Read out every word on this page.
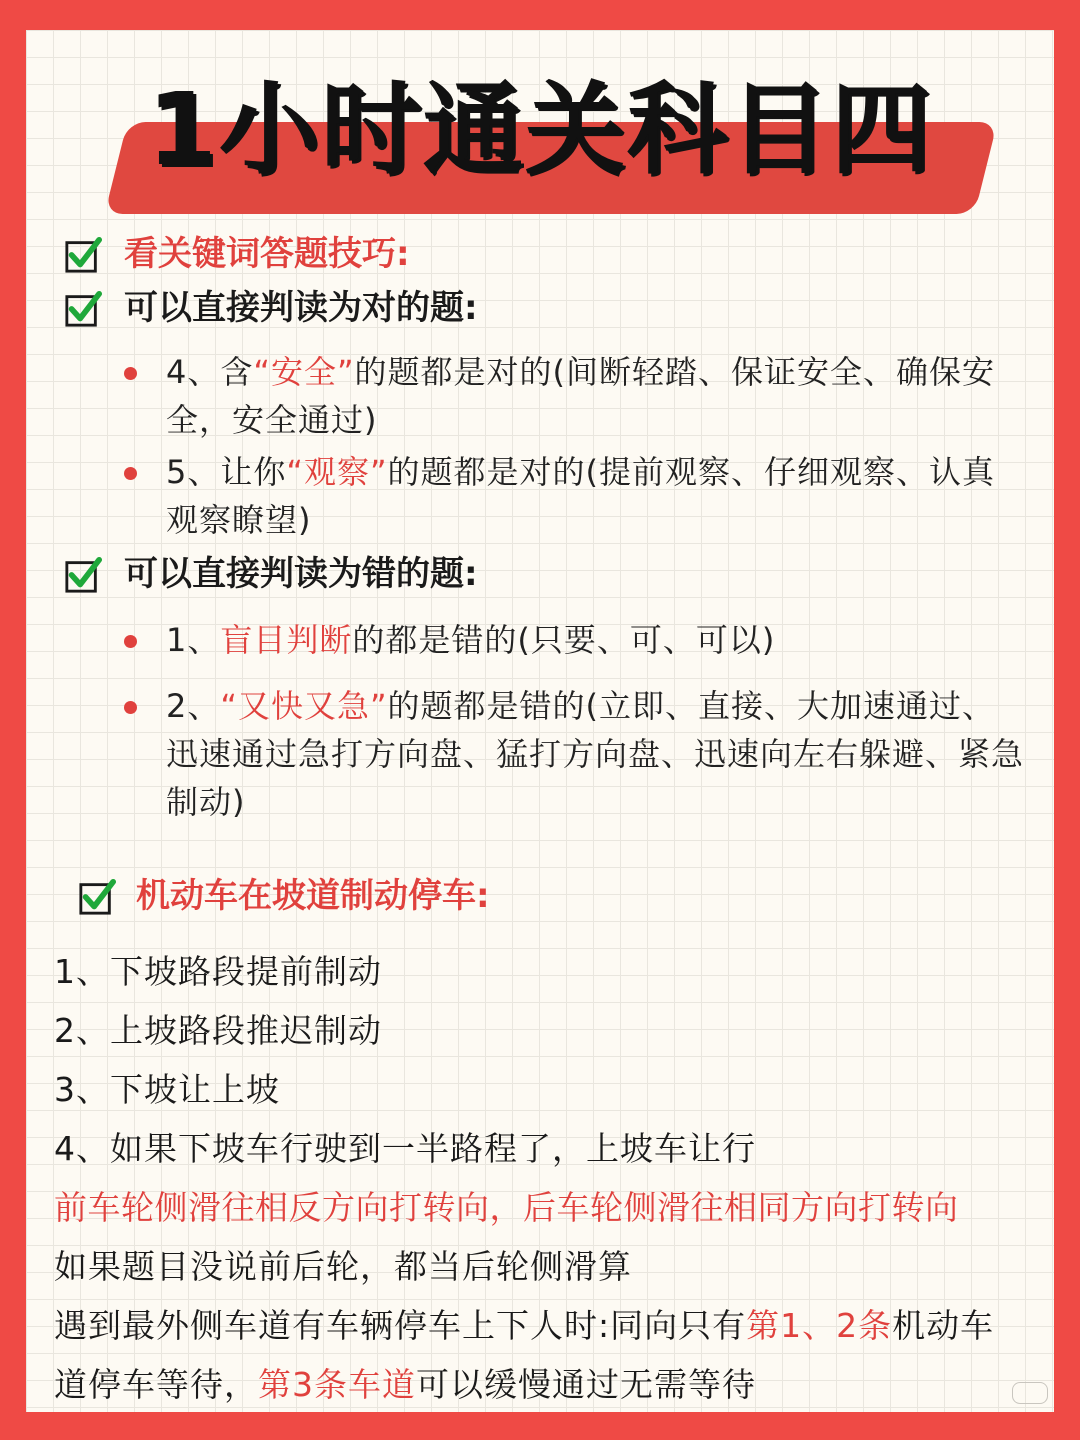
1小时通关科目四
看关键词答题技巧:
可以直接判读为对的题:
4、含“安全”的题都是对的(间断轻踏、保证安全、确保安全，安全通过)
5、让你“观察”的题都是对的(提前观察、仔细观察、认真观察瞭望)
可以直接判读为错的题:
1、盲目判断的都是错的(只要、可、可以)
2、“又快又急”的题都是错的(立即、直接、大加速通过、迅速通过急打方向盘、猛打方向盘、迅速向左右躲避、紧急制动)
机动车在坡道制动停车:
1、下坡路段提前制动
2、上坡路段推迟制动
3、下坡让上坡
4、如果下坡车行驶到一半路程了，上坡车让行
前车轮侧滑往相反方向打转向，后车轮侧滑往相同方向打转向
如果题目没说前后轮，都当后轮侧滑算
遇到最外侧车道有车辆停车上下人时:同向只有第1、2条机动车
道停车等待，第3条车道可以缓慢通过无需等待
